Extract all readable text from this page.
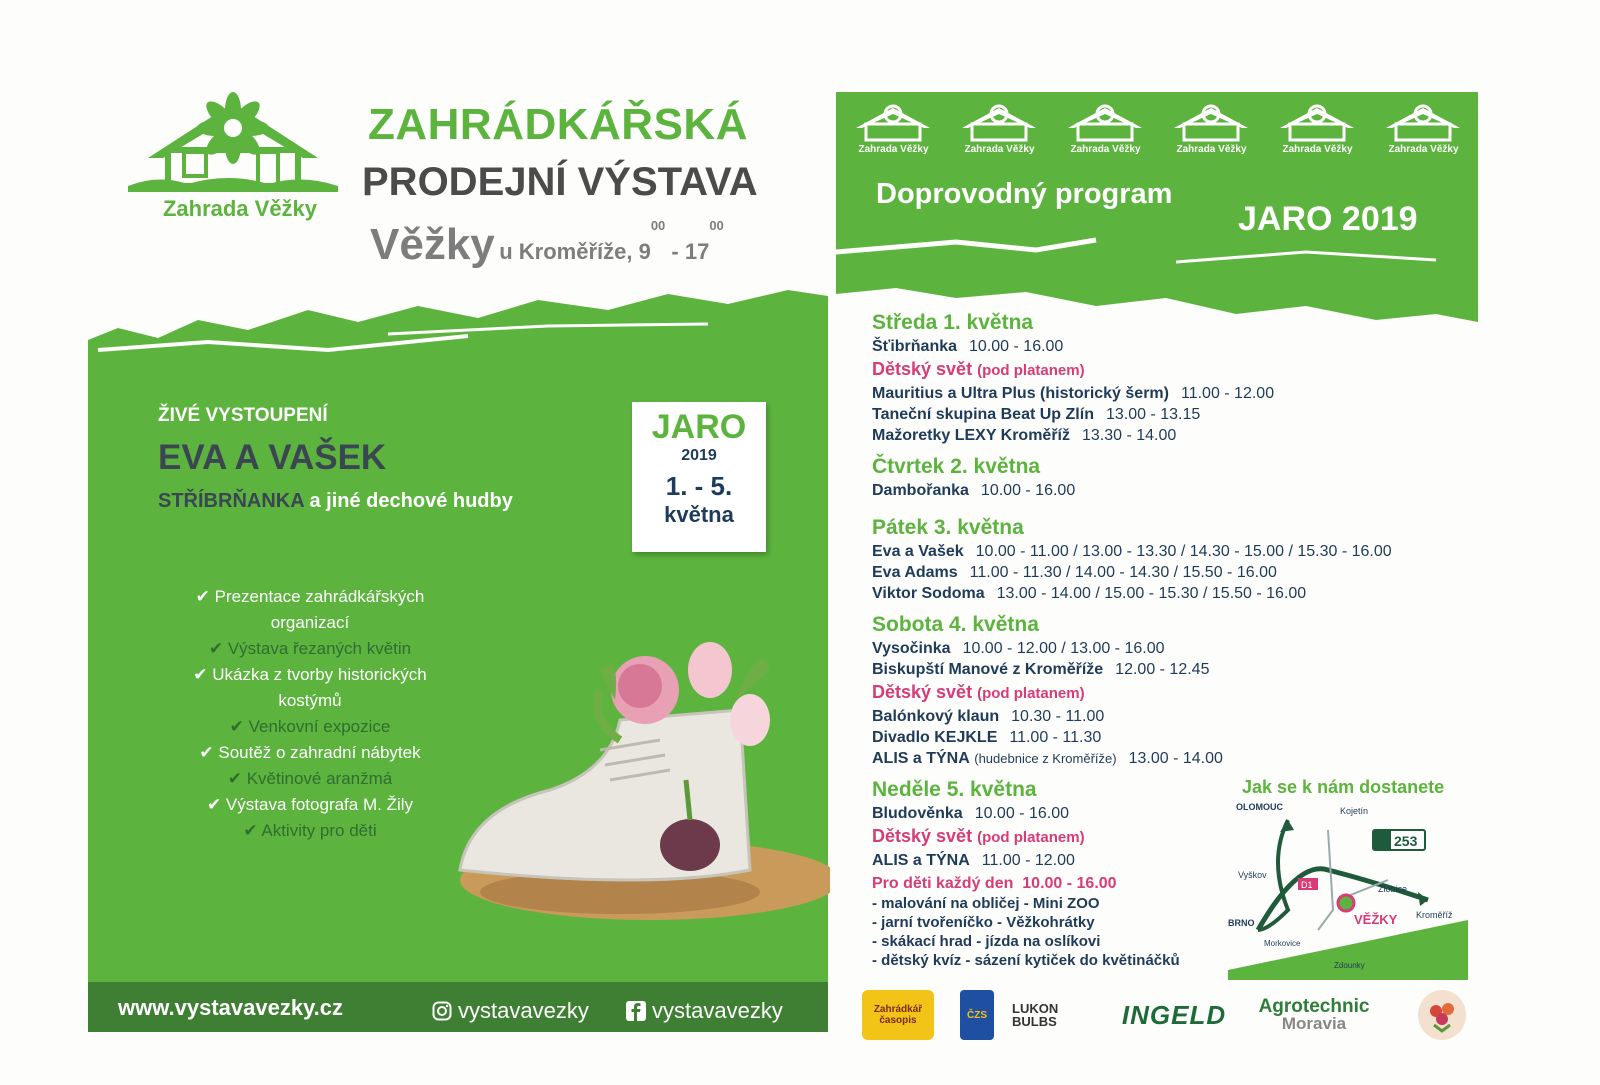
Zahrada Věžky
ZAHRÁDKÁŘSKÁ
PRODEJNÍ VÝSTAVA
Věžky u Kroměříže, $9^{00} - 17^{00}$
ŽIVÉ VYSTOUPENÍ
EVA A VAŠEK
STŘÍBRŇANKA a jiné dechové hudby
JARO
2019
1. - 5.
května
✔ Prezentace zahrádkářských
organizací
✔ Výstava řezaných květin
✔ Ukázka z tvorby historických
kostýmů
✔ Venkovní expozice
✔ Soutěž o zahradní nábytek
✔ Květinové aranžmá
✔ Výstava fotografa M. Žily
✔ Aktivity pro děti
www.vystavavezky.cz	vystavavezky	vystavavezky
Zahrada Věžky	Zahrada Věžky	Zahrada Věžky	Zahrada Věžky	Zahrada Věžky	Zahrada Věžky
Doprovodný program
JARO 2019
Středa 1. května
Šťibrňanka 10.00 - 16.00
Dětský svět (pod platanem)
Mauritius a Ultra Plus (historický šerm) 11.00 - 12.00
Taneční skupina Beat Up Zlín 13.00 - 13.15
Mažoretky LEXY Kroměříž 13.30 - 14.00
Čtvrtek 2. května
Dambořanka 10.00 - 16.00
Pátek 3. května
Eva a Vašek 10.00 - 11.00 / 13.00 - 13.30 / 14.30 - 15.00 / 15.30 - 16.00
Eva Adams 11.00 - 11.30 / 14.00 - 14.30 / 15.50 - 16.00
Viktor Sodoma 13.00 - 14.00 / 15.00 - 15.30 / 15.50 - 16.00
Sobota 4. května
Vysočinka 10.00 - 12.00 / 13.00 - 16.00
Biskupští Manové z Kroměříže 12.00 - 12.45
Dětský svět (pod platanem)
Balónkový klaun 10.30 - 11.00
Divadlo KEJKLE 11.00 - 11.30
ALIS a TÝNA (hudebnice z Kroměříže) 13.00 - 14.00
Neděle 5. května
Bludověnka 10.00 - 16.00
Dětský svět (pod platanem)
ALIS a TÝNA 11.00 - 12.00
Pro děti každý den 10.00 - 16.00
- malování na obličej - Mini ZOO
- jarní tvořeníčko - Věžkohrátky
- skákací hrad - jízda na oslíkovi
- dětský kvíz - sázení kytiček do květináčků
Jak se k nám dostanete
253
D1
OLOMOUC	Kojetín
Vyškov
Zlobice
VĚŽKY Kroměříž
BRNO
Morkovice
Zdounky
Zahrádkář časopis	ČZS	LUKON BULBS	INGELD Agrotechnic
Moravia
